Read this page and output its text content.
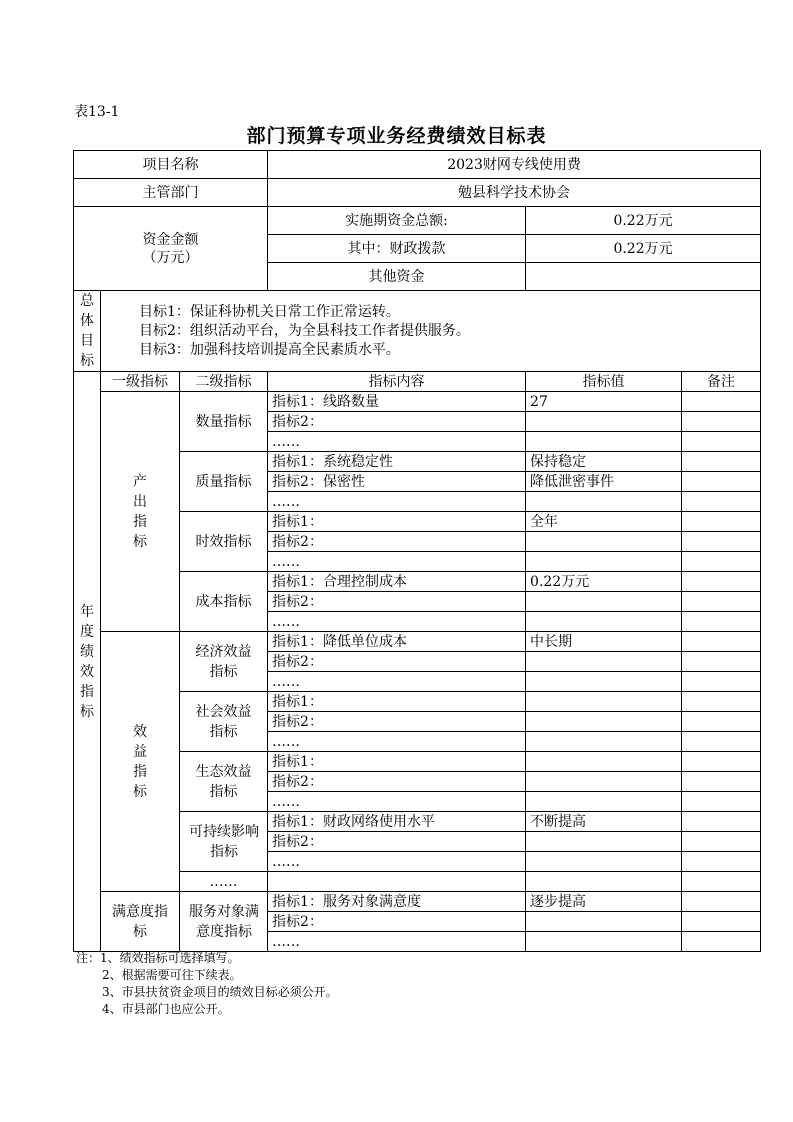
表13-1
部门预算专项业务经费绩效目标表
项目名称			2023财网专线使用费		
主管部门			勉县科学技术协会		

资金金额
（万元）			实施期资金总额:	0.22万元	
			其中：财政拨款	0.22万元	
			其他资金		
总体目标	目标1：保证科协机关日常工作正常运转。
目标2：组织活动平台，为全县科技工作者提供服务。
目标3：加强科技培训提高全民素质水平。				

年度绩效指标	一级指标	二级指标	指标内容	指标值	备注
	产出指标	数量指标	指标1：线路数量	27	
			指标2：		
			……		
		质量指标	指标1：系统稳定性	保持稳定	
			指标2：保密性	降低泄密事件	
			……		
		时效指标	指标1：	全年	
			指标2：		
			……		
		成本指标	指标1：合理控制成本	0.22万元	
			指标2：		
			……		
	效益指标	经济效益指标	指标1：降低单位成本	中长期	
			指标2：		
			……		

		社会效益指标	指标1：		
			指标2：		
			……		

		生态效益指标	指标1：		
			指标2：		
			……		

		可持续影响指标	指标1：财政网络使用水平	不断提高	
			指标2：		
			……		
		……			

	满意度指标	服务对象满意度指标	指标1：服务对象满意度	逐步提高	
			指标2：		
			……		
注：1、绩效指标可选择填写。
2、根据需要可往下续表。
3、市县扶贫资金项目的绩效目标必须公开。
4、市县部门也应公开。
